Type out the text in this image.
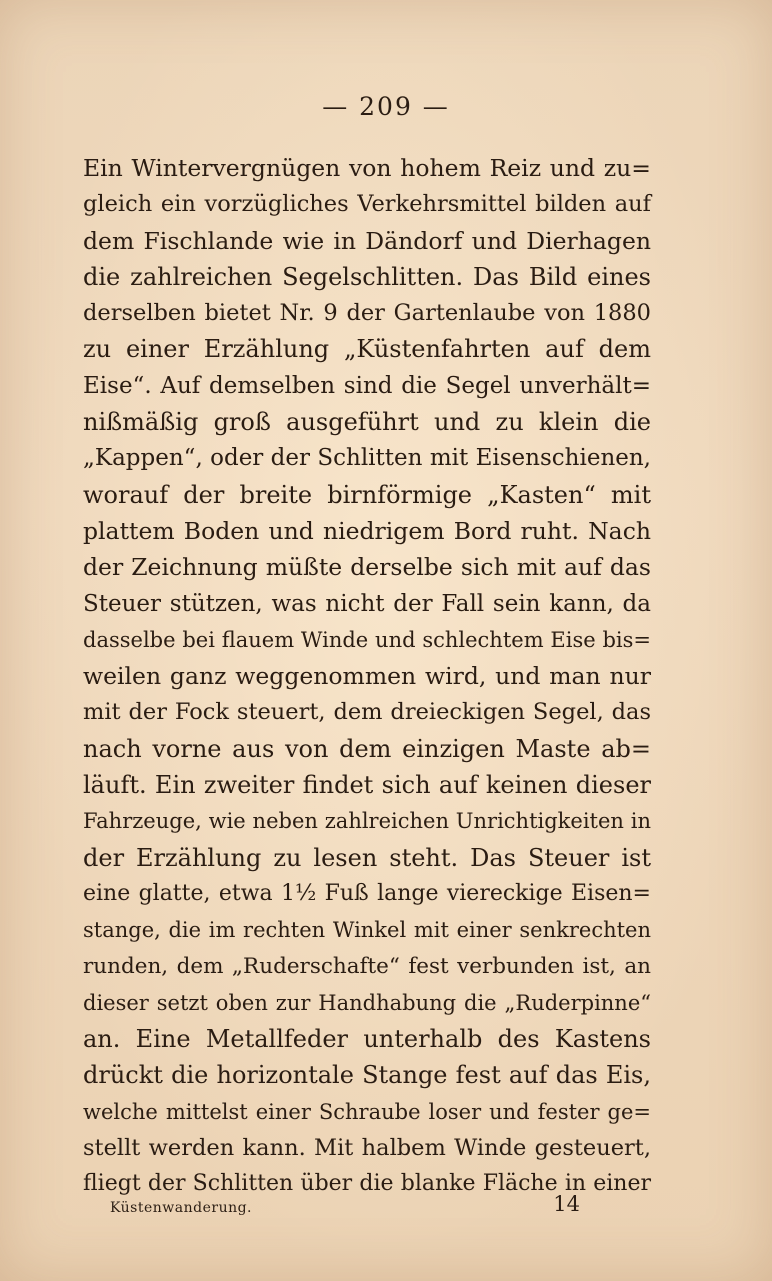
— 209 —
Ein Wintervergnügen von hohem Reiz und zu=
gleich ein vorzügliches Verkehrsmittel bilden auf
dem Fischlande wie in Dändorf und Dierhagen
die zahlreichen Segelschlitten. Das Bild eines
derselben bietet Nr. 9 der Gartenlaube von 1880
zu einer Erzählung „Küstenfahrten auf dem
Eise“. Auf demselben sind die Segel unverhält=
nißmäßig groß ausgeführt und zu klein die
„Kappen“, oder der Schlitten mit Eisenschienen,
worauf der breite birnförmige „Kasten“ mit
plattem Boden und niedrigem Bord ruht. Nach
der Zeichnung müßte derselbe sich mit auf das
Steuer stützen, was nicht der Fall sein kann, da
dasselbe bei flauem Winde und schlechtem Eise bis=
weilen ganz weggenommen wird, und man nur
mit der Fock steuert, dem dreieckigen Segel, das
nach vorne aus von dem einzigen Maste ab=
läuft. Ein zweiter findet sich auf keinen dieser
Fahrzeuge, wie neben zahlreichen Unrichtigkeiten in
der Erzählung zu lesen steht. Das Steuer ist
eine glatte, etwa 1½ Fuß lange viereckige Eisen=
stange, die im rechten Winkel mit einer senkrechten
runden, dem „Ruderschafte“ fest verbunden ist, an
dieser setzt oben zur Handhabung die „Ruderpinne“
an. Eine Metallfeder unterhalb des Kastens
drückt die horizontale Stange fest auf das Eis,
welche mittelst einer Schraube loser und fester ge=
stellt werden kann. Mit halbem Winde gesteuert,
fliegt der Schlitten über die blanke Fläche in einer
Küstenwanderung.	14
